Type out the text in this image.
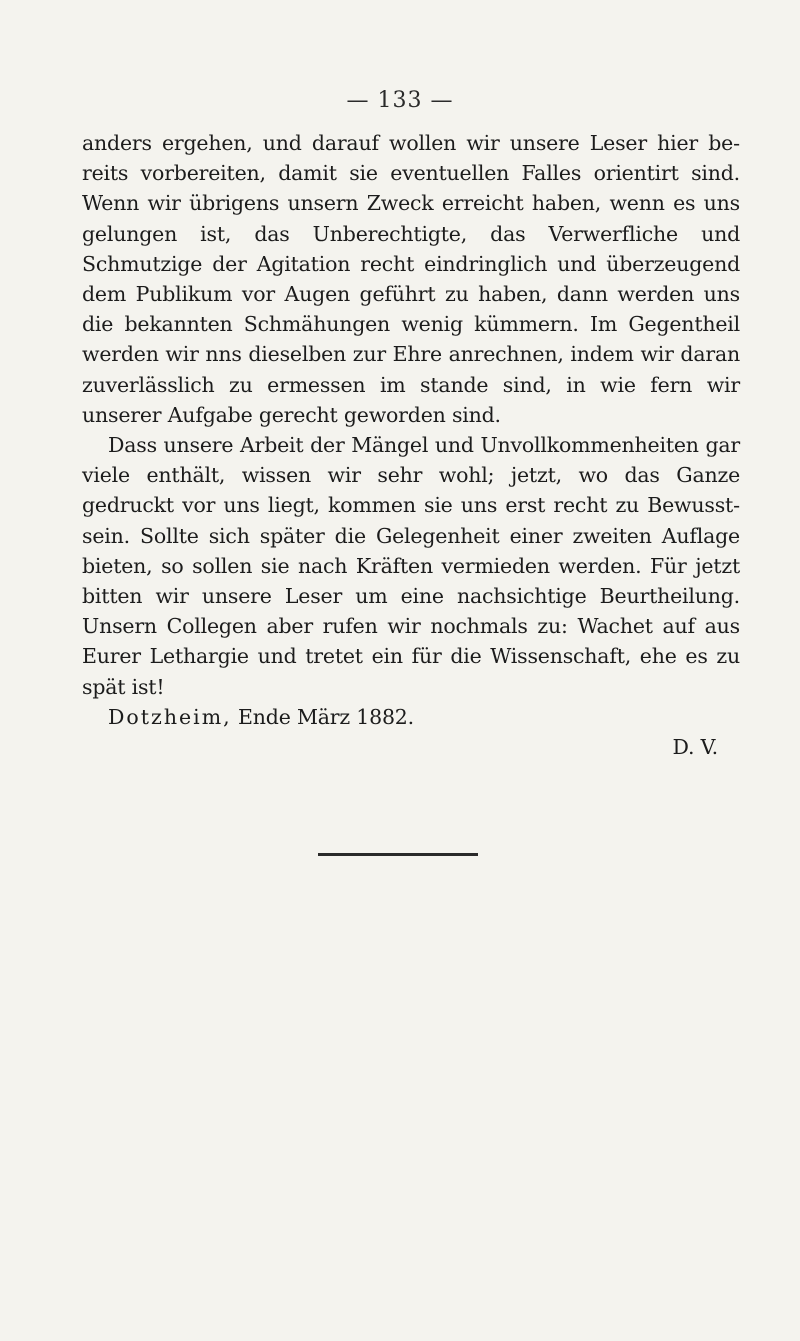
— 133 —

anders ergehen, und darauf wollen wir unsere Leser hier bereits vorbereiten, damit sie eventuellen Falles orientirt sind. Wenn wir übrigens unsern Zweck erreicht haben, wenn es uns gelungen ist, das Unberechtigte, das Verwerfliche und Schmutzige der Agitation recht eindringlich und überzeugend dem Publikum vor Augen geführt zu haben, dann werden uns die bekannten Schmähungen wenig kümmern. Im Gegentheil werden wir nns dieselben zur Ehre anrechnen, indem wir daran zuverlässlich zu ermessen im stande sind, in wie fern wir unserer Aufgabe gerecht geworden sind.

Dass unsere Arbeit der Mängel und Unvollkommenheiten gar viele enthält, wissen wir sehr wohl; jetzt, wo das Ganze gedruckt vor uns liegt, kommen sie uns erst recht zu Bewusstsein. Sollte sich später die Gelegenheit einer zweiten Auflage bieten, so sollen sie nach Kräften vermieden werden. Für jetzt bitten wir unsere Leser um eine nachsichtige Beurtheilung. Unsern Collegen aber rufen wir nochmals zu: Wachet auf aus Eurer Lethargie und tretet ein für die Wissenschaft, ehe es zu spät ist!

Dotzheim, Ende März 1882.

D. V.
